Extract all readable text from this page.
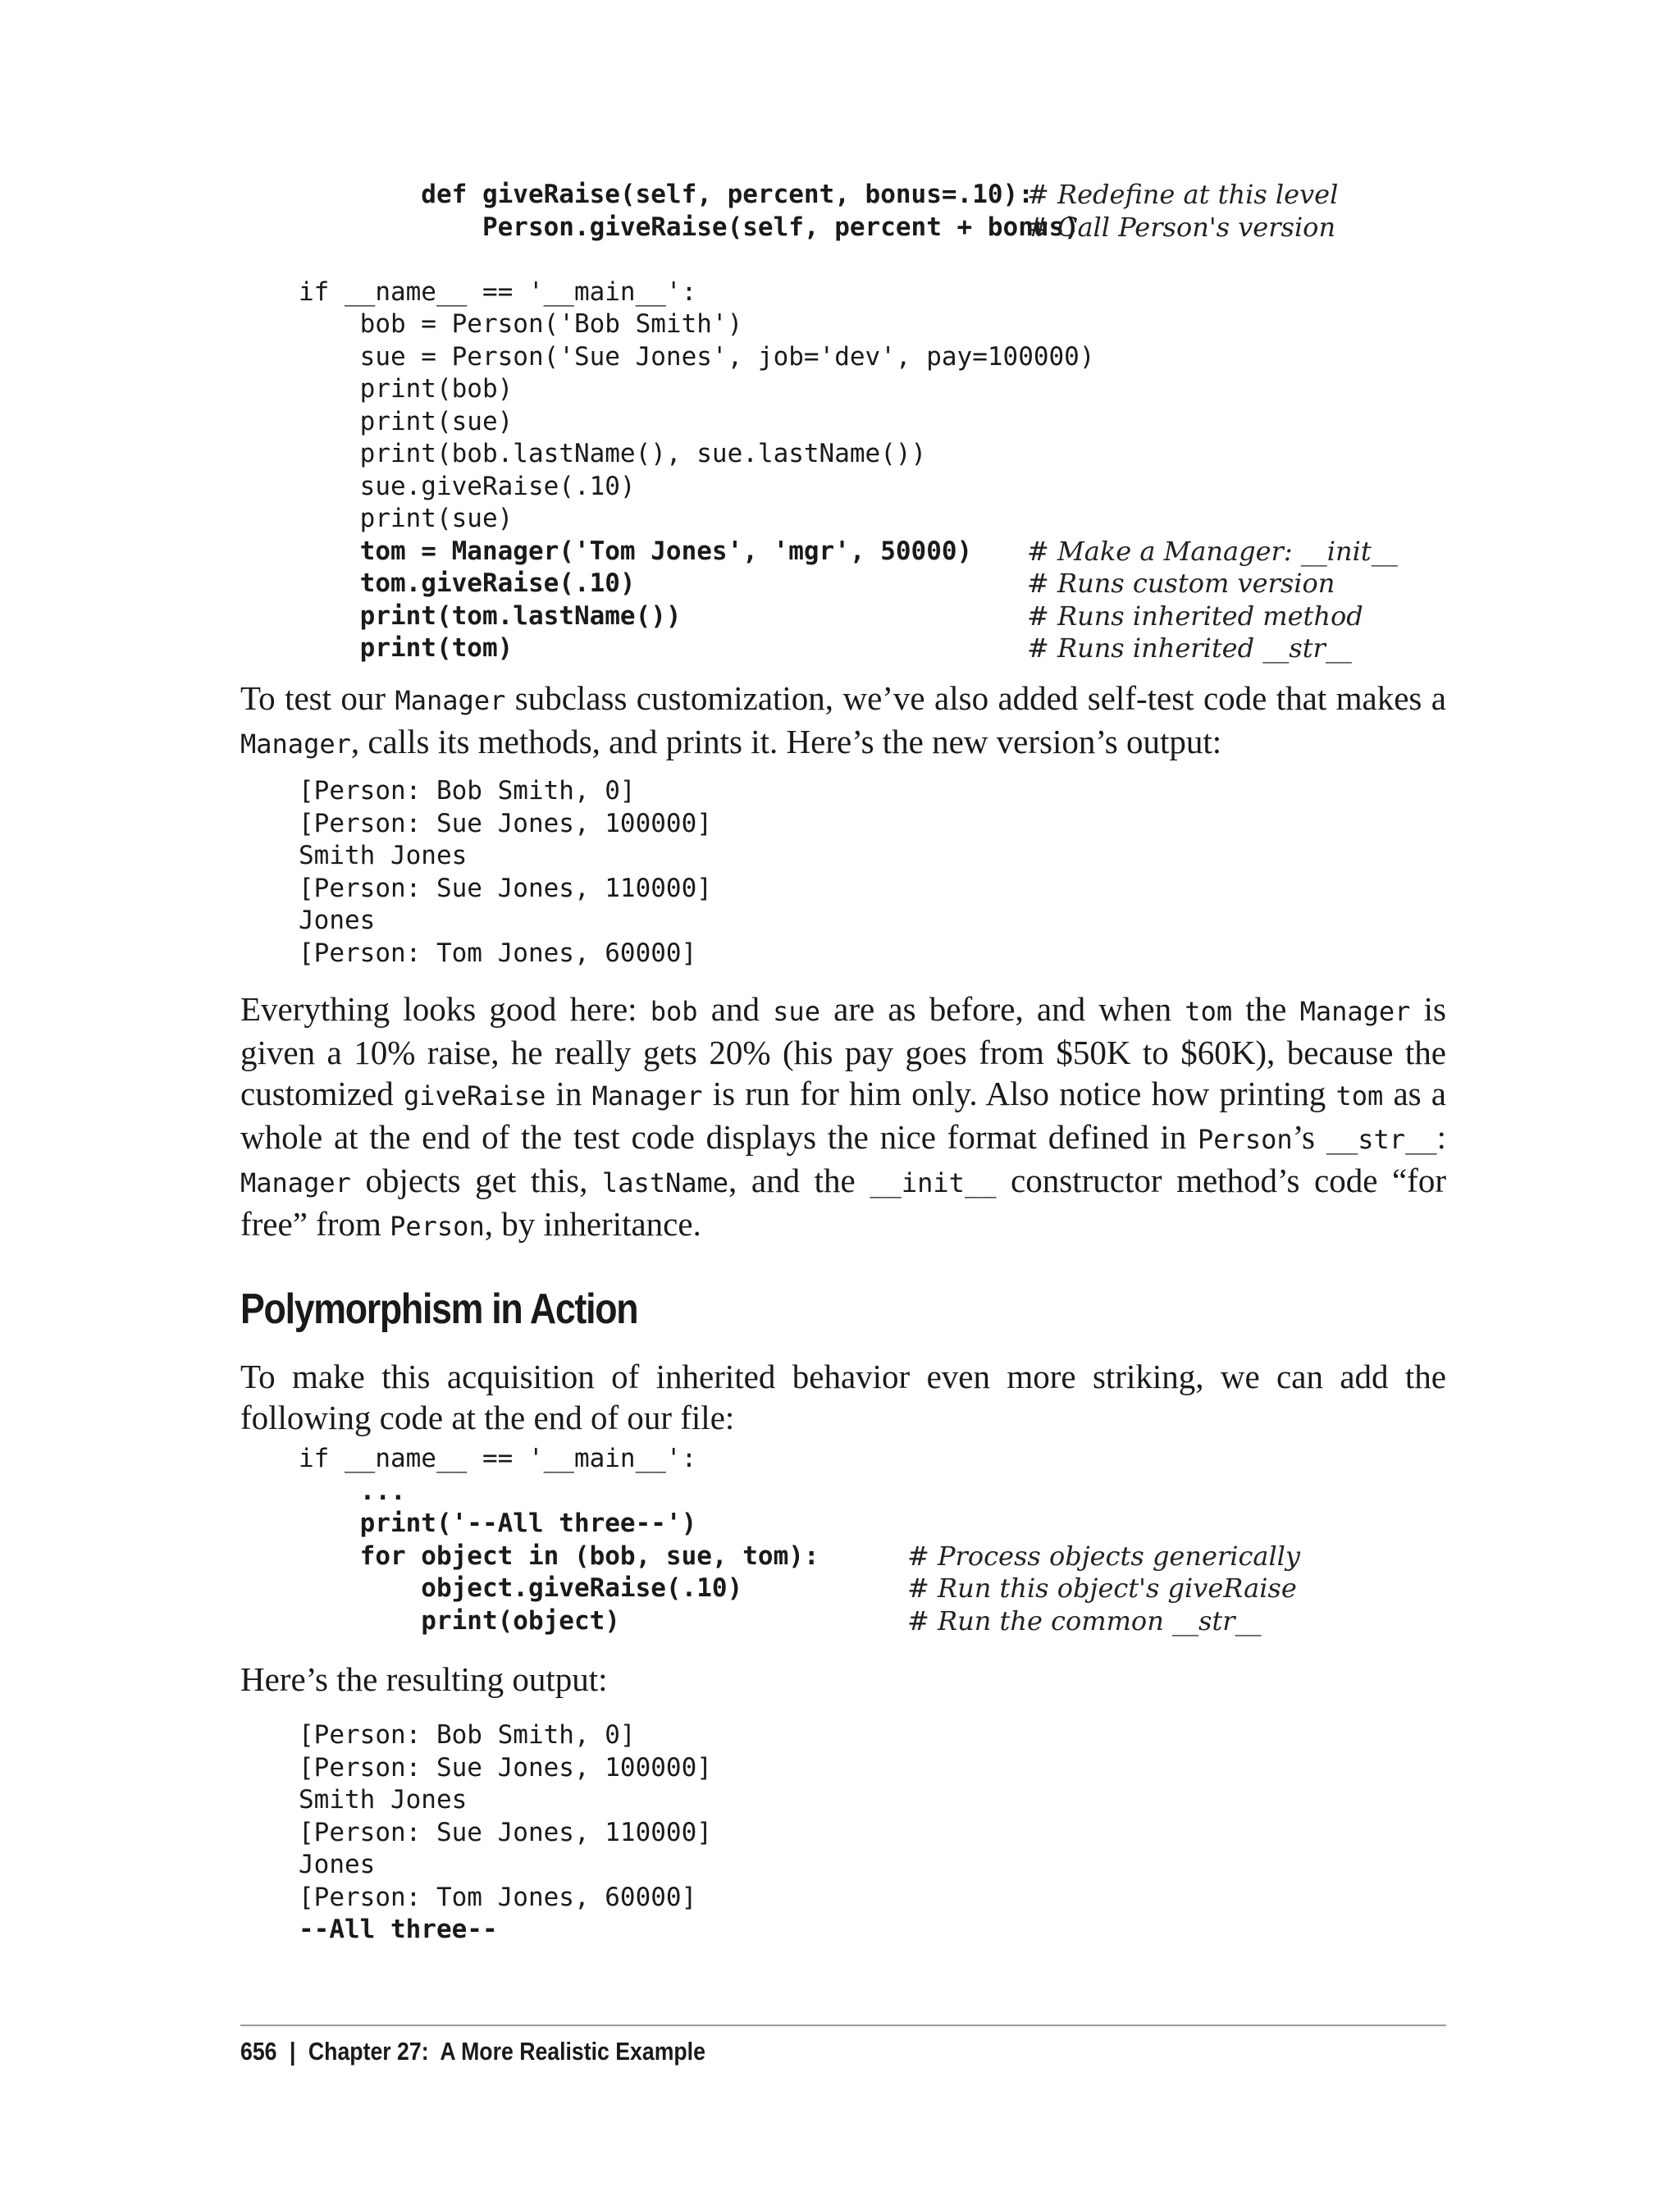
def giveRaise(self, percent, bonus=.10):
# Redefine at this level
Person.giveRaise(self, percent + bonus)
# Call Person's version
if __name__ == '__main__':
bob = Person('Bob Smith')
sue = Person('Sue Jones', job='dev', pay=100000)
print(bob)
print(sue)
print(bob.lastName(), sue.lastName())
sue.giveRaise(.10)
print(sue)
tom = Manager('Tom Jones', 'mgr', 50000) # Make a Manager: __init__
tom.giveRaise(.10)	# Runs custom version
print(tom.lastName())	# Runs inherited method
print(tom)	# Runs inherited __str__
To test our Manager subclass customization, we’ve also added self-test code that makes a Manager, calls its methods, and prints it. Here’s the new version’s output:
[Person: Bob Smith, 0]
[Person: Sue Jones, 100000]
Smith Jones
[Person: Sue Jones, 110000]
Jones
[Person: Tom Jones, 60000]
Everything looks good here: bob and sue are as before, and when tom the Manager is given a 10% raise, he really gets 20% (his pay goes from $50K to $60K), because the customized giveRaise in Manager is run for him only. Also notice how printing tom as a whole at the end of the test code displays the nice format defined in Person’s __str__: Manager objects get this, lastName, and the __init__ constructor method’s code “for free” from Person, by inheritance.
Polymorphism in Action
To make this acquisition of inherited behavior even more striking, we can add the following code at the end of our file:
if __name__ == '__main__':
...
print('--All three--')
for object in (bob, sue, tom):	# Process objects generically
object.giveRaise(.10)	# Run this object's giveRaise
print(object)	# Run the common __str__
Here’s the resulting output:
[Person: Bob Smith, 0]
[Person: Sue Jones, 100000]
Smith Jones
[Person: Sue Jones, 110000]
Jones
[Person: Tom Jones, 60000]
--All three--
656 | Chapter 27:  A More Realistic Example
